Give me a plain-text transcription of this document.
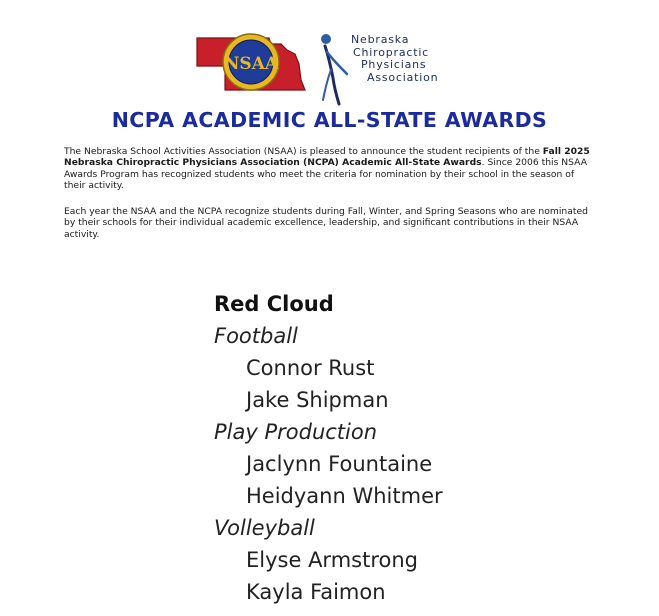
NSAA
Nebraska
Chiropractic
Physicians
Association
NCPA ACADEMIC ALL-STATE AWARDS
The Nebraska School Activities Association (NSAA) is pleased to announce the student recipients of the Fall 2025 Nebraska Chiropractic Physicians Association (NCPA) Academic All-State Awards. Since 2006 this NSAA Awards Program has recognized students who meet the criteria for nomination by their school in the season of their activity.
Each year the NSAA and the NCPA recognize students during Fall, Winter, and Spring Seasons who are nominated by their schools for their individual academic excellence, leadership, and significant contributions in their NSAA activity.
Red Cloud
Football
Connor Rust
Jake Shipman
Play Production
Jaclynn Fountaine
Heidyann Whitmer
Volleyball
Elyse Armstrong
Kayla Faimon
